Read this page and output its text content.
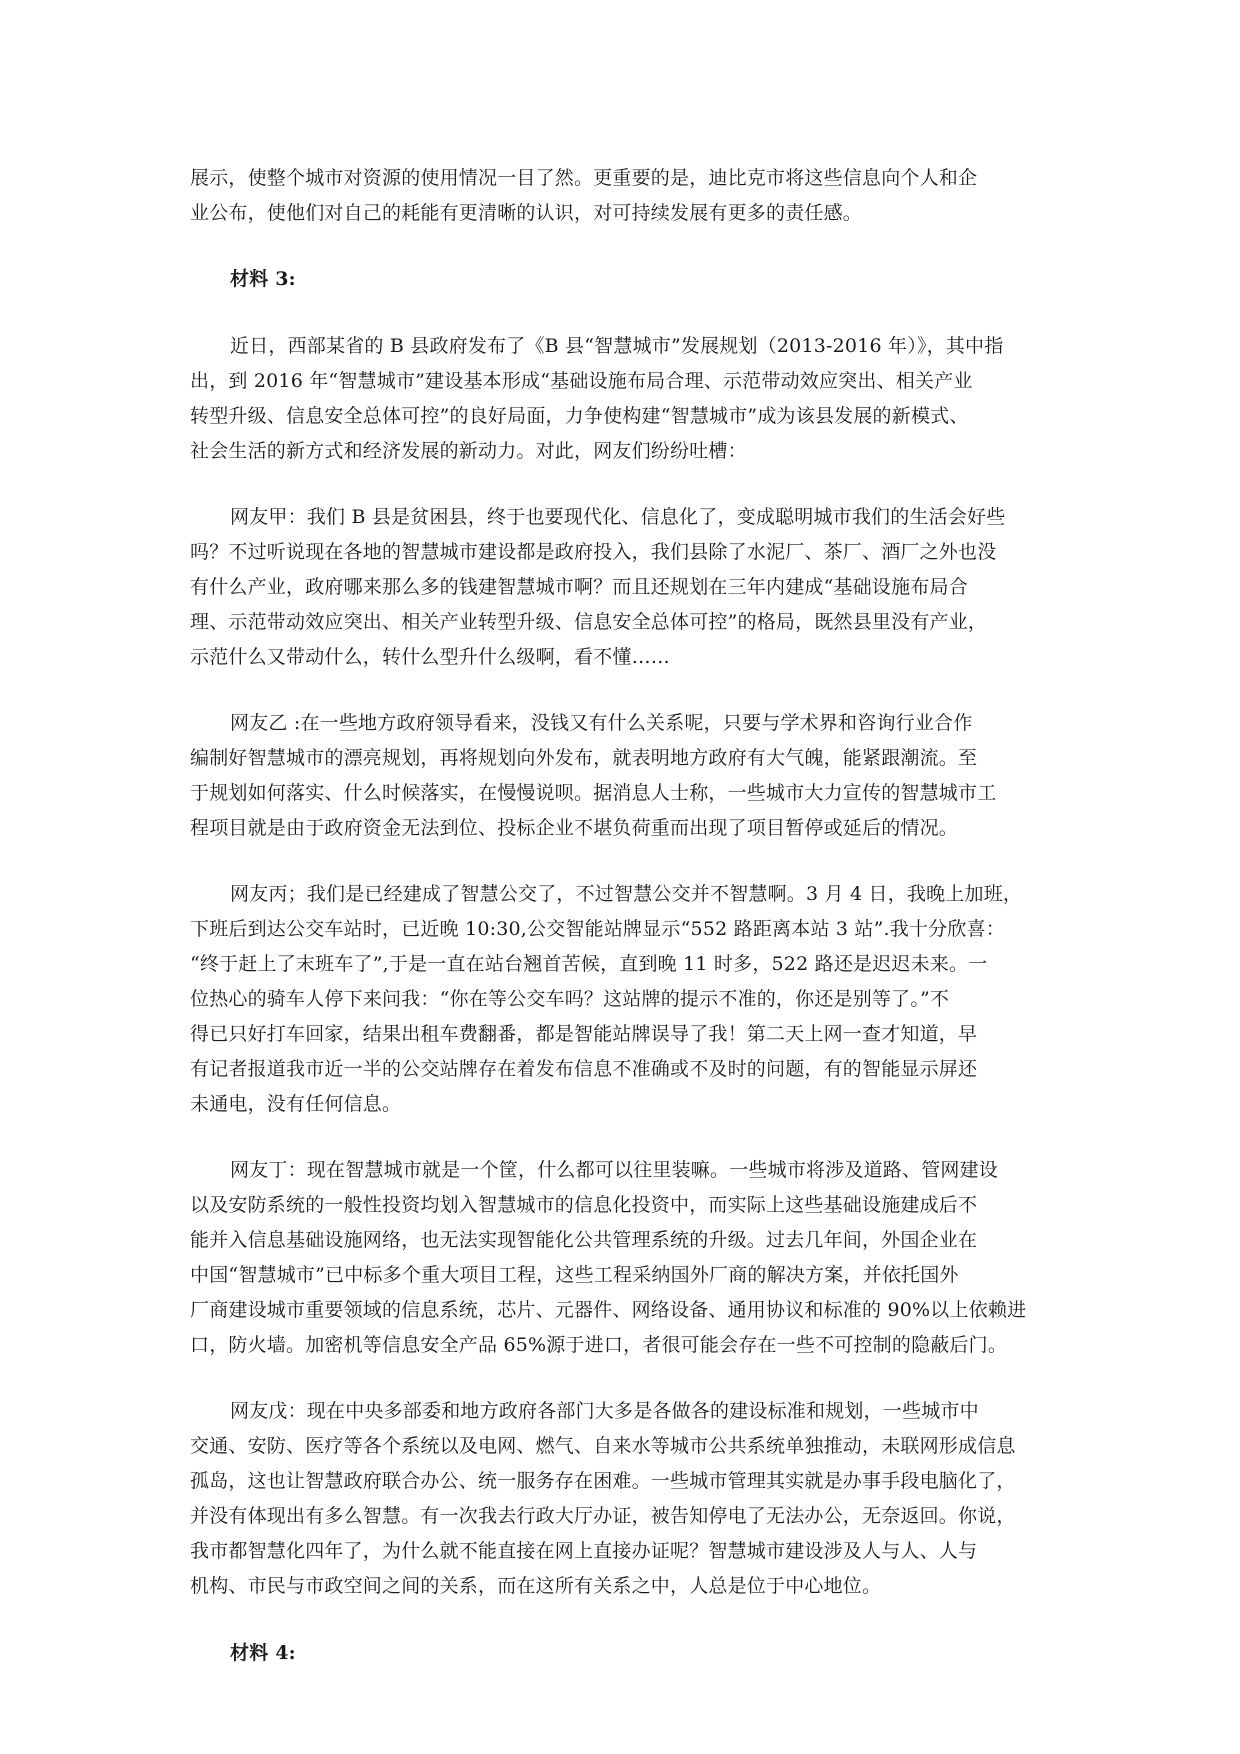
展示，使整个城市对资源的使用情况一目了然。更重要的是，迪比克市将这些信息向个人和企
业公布，使他们对自己的耗能有更清晰的认识，对可持续发展有更多的责任感。

材料 3:

近日，西部某省的 B 县政府发布了《B 县“智慧城市”发展规划（2013-2016 年）》，其中指
出，到 2016 年“智慧城市”建设基本形成“基础设施布局合理、示范带动效应突出、相关产业
转型升级、信息安全总体可控”的良好局面，力争使构建“智慧城市”成为该县发展的新模式、
社会生活的新方式和经济发展的新动力。对此，网友们纷纷吐槽：

网友甲：我们 B 县是贫困县，终于也要现代化、信息化了，变成聪明城市我们的生活会好些
吗？不过听说现在各地的智慧城市建设都是政府投入，我们县除了水泥厂、茶厂、酒厂之外也没
有什么产业，政府哪来那么多的钱建智慧城市啊？而且还规划在三年内建成“基础设施布局合
理、示范带动效应突出、相关产业转型升级、信息安全总体可控”的格局，既然县里没有产业，
示范什么又带动什么，转什么型升什么级啊，看不懂……

网友乙 :在一些地方政府领导看来，没钱又有什么关系呢，只要与学术界和咨询行业合作
编制好智慧城市的漂亮规划，再将规划向外发布，就表明地方政府有大气魄，能紧跟潮流。至
于规划如何落实、什么时候落实，在慢慢说呗。据消息人士称，一些城市大力宣传的智慧城市工
程项目就是由于政府资金无法到位、投标企业不堪负荷重而出现了项目暂停或延后的情况。

网友丙；我们是已经建成了智慧公交了，不过智慧公交并不智慧啊。3 月 4 日，我晚上加班，
下班后到达公交车站时，已近晚 10:30,公交智能站牌显示“552 路距离本站 3 站”.我十分欣喜：
“终于赶上了末班车了”,于是一直在站台翘首苦候，直到晚 11 时多，522 路还是迟迟未来。一
位热心的骑车人停下来问我：“你在等公交车吗？这站牌的提示不准的，你还是别等了。”不
得已只好打车回家，结果出租车费翻番，都是智能站牌误导了我！第二天上网一查才知道，早
有记者报道我市近一半的公交站牌存在着发布信息不准确或不及时的问题，有的智能显示屏还
未通电，没有任何信息。

网友丁：现在智慧城市就是一个筐，什么都可以往里装嘛。一些城市将涉及道路、管网建设
以及安防系统的一般性投资均划入智慧城市的信息化投资中，而实际上这些基础设施建成后不
能并入信息基础设施网络，也无法实现智能化公共管理系统的升级。过去几年间，外国企业在
中国“智慧城市”已中标多个重大项目工程，这些工程采纳国外厂商的解决方案，并依托国外
厂商建设城市重要领域的信息系统，芯片、元器件、网络设备、通用协议和标准的 90%以上依赖进
口，防火墙。加密机等信息安全产品 65%源于进口，者很可能会存在一些不可控制的隐蔽后门。

网友戊：现在中央多部委和地方政府各部门大多是各做各的建设标准和规划，一些城市中
交通、安防、医疗等各个系统以及电网、燃气、自来水等城市公共系统单独推动，未联网形成信息
孤岛，这也让智慧政府联合办公、统一服务存在困难。一些城市管理其实就是办事手段电脑化了，
并没有体现出有多么智慧。有一次我去行政大厅办证，被告知停电了无法办公，无奈返回。你说，
我市都智慧化四年了，为什么就不能直接在网上直接办证呢？智慧城市建设涉及人与人、人与
机构、市民与市政空间之间的关系，而在这所有关系之中，人总是位于中心地位。

材料 4:
